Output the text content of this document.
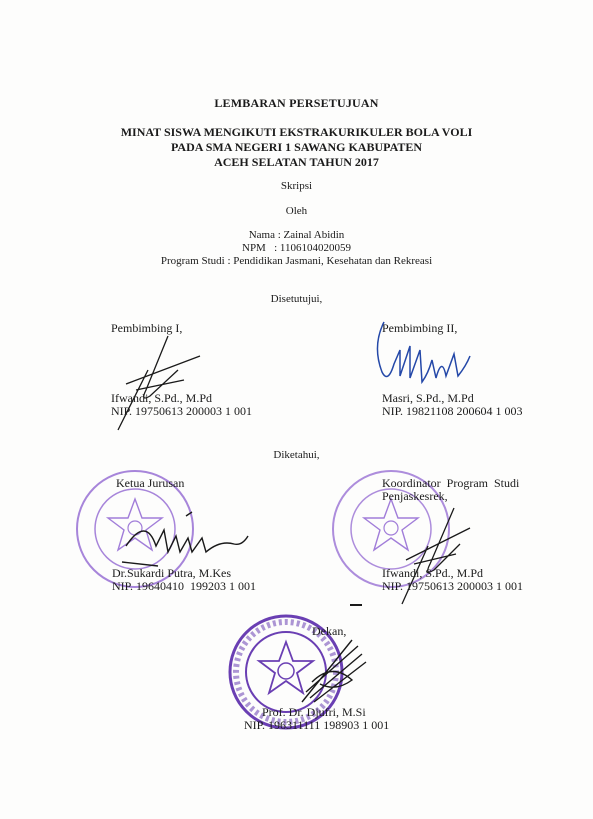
LEMBARAN PERSETUJUAN
MINAT SISWA MENGIKUTI EKSTRAKURIKULER BOLA VOLI
PADA SMA NEGERI 1 SAWANG KABUPATEN
ACEH SELATAN TAHUN 2017
Skripsi
Oleh
Nama : Zainal Abidin
NPM   : 1106104020059
Program Studi : Pendidikan Jasmani, Kesehatan dan Rekreasi
Disetutujui,
Pembimbing I,
Ifwandi, S.Pd., M.Pd
NIP. 19750613 200003 1 001
Pembimbing II,
Masri, S.Pd., M.Pd
NIP. 19821108 200604 1 003
Diketahui,
Ketua Jurusan
Dr.Sukardi Putra, M.Kes
NIP. 19640410  199203 1 001
Koordinator  Program  Studi
Penjaskesrek,
Ifwandi, S.Pd., M.Pd
NIP. 19750613 200003 1 001
Dekan,
Prof. Dr. Djufri, M.Si
NIP. 196311111 198903 1 001
